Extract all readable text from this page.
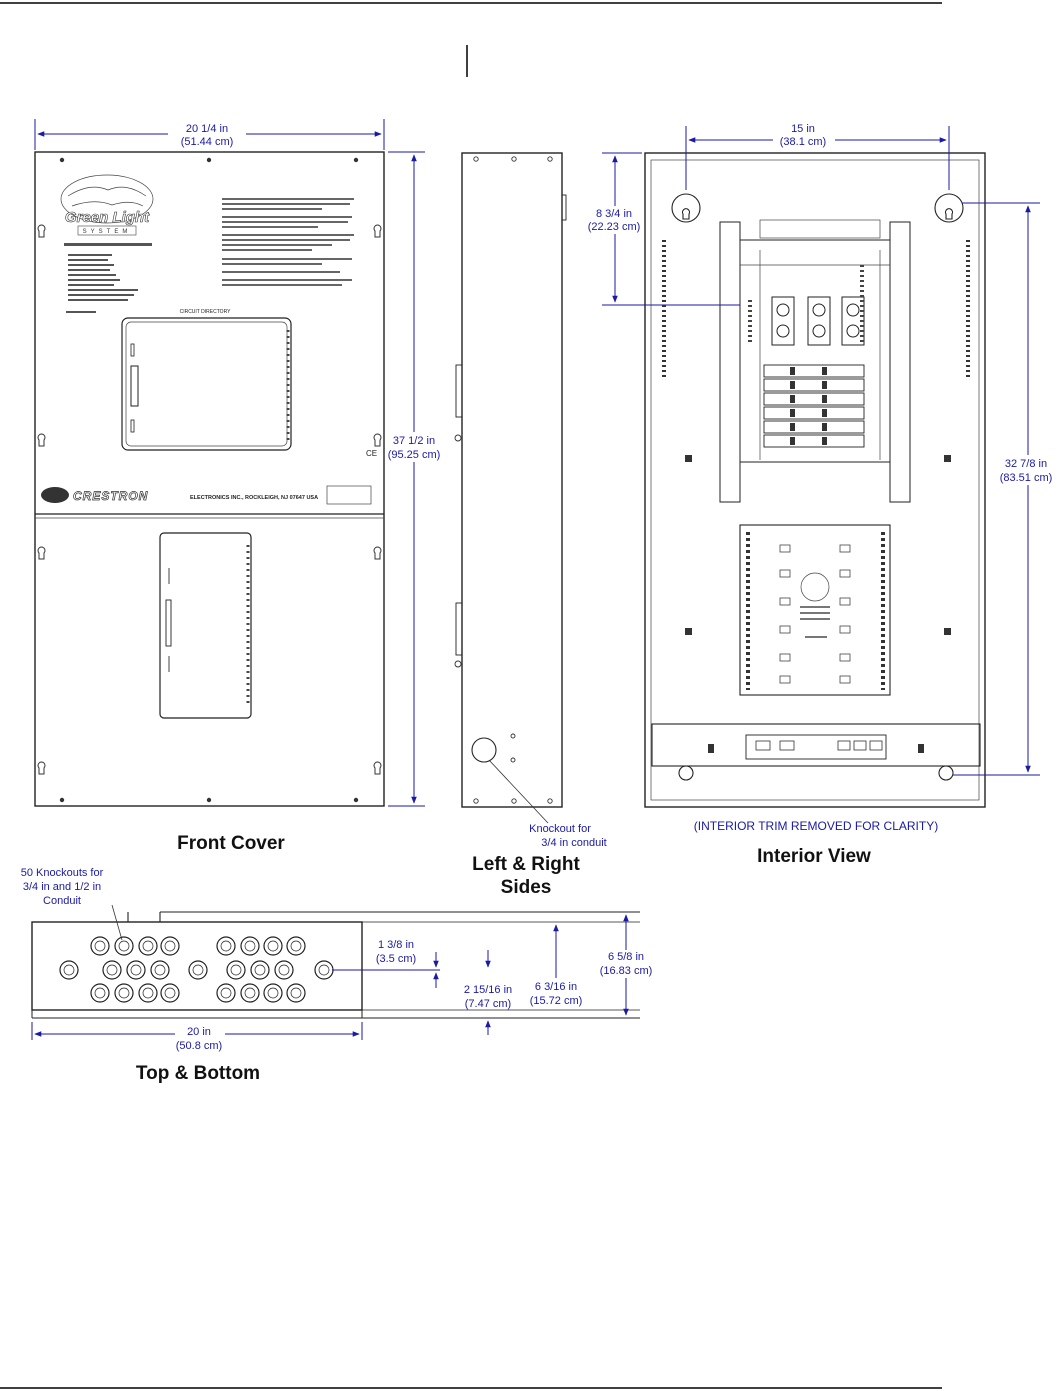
Green Light
SYSTEM
CIRCUIT DIRECTORY
CE
CRESTRON	ELECTRONICS INC., ROCKLEIGH, NJ 07647 USA
20 1/4 in
(51.44 cm)
37 1/2 in
(95.25 cm)
Front Cover
Knockout for
3/4 in conduit
Left & Right
Sides
15 in
(38.1 cm)
8 3/4 in
(22.23 cm)
32 7/8 in
(83.51 cm)
(INTERIOR TRIM REMOVED FOR CLARITY)
Interior View
50 Knockouts for
3/4 in and 1/2 in
Conduit
20 in
(50.8 cm)
1 3/8 in
(3.5 cm)
2 15/16 in
(7.47 cm)
6 3/16 in
(15.72 cm)
6 5/8 in
(16.83 cm)
Top & Bottom
